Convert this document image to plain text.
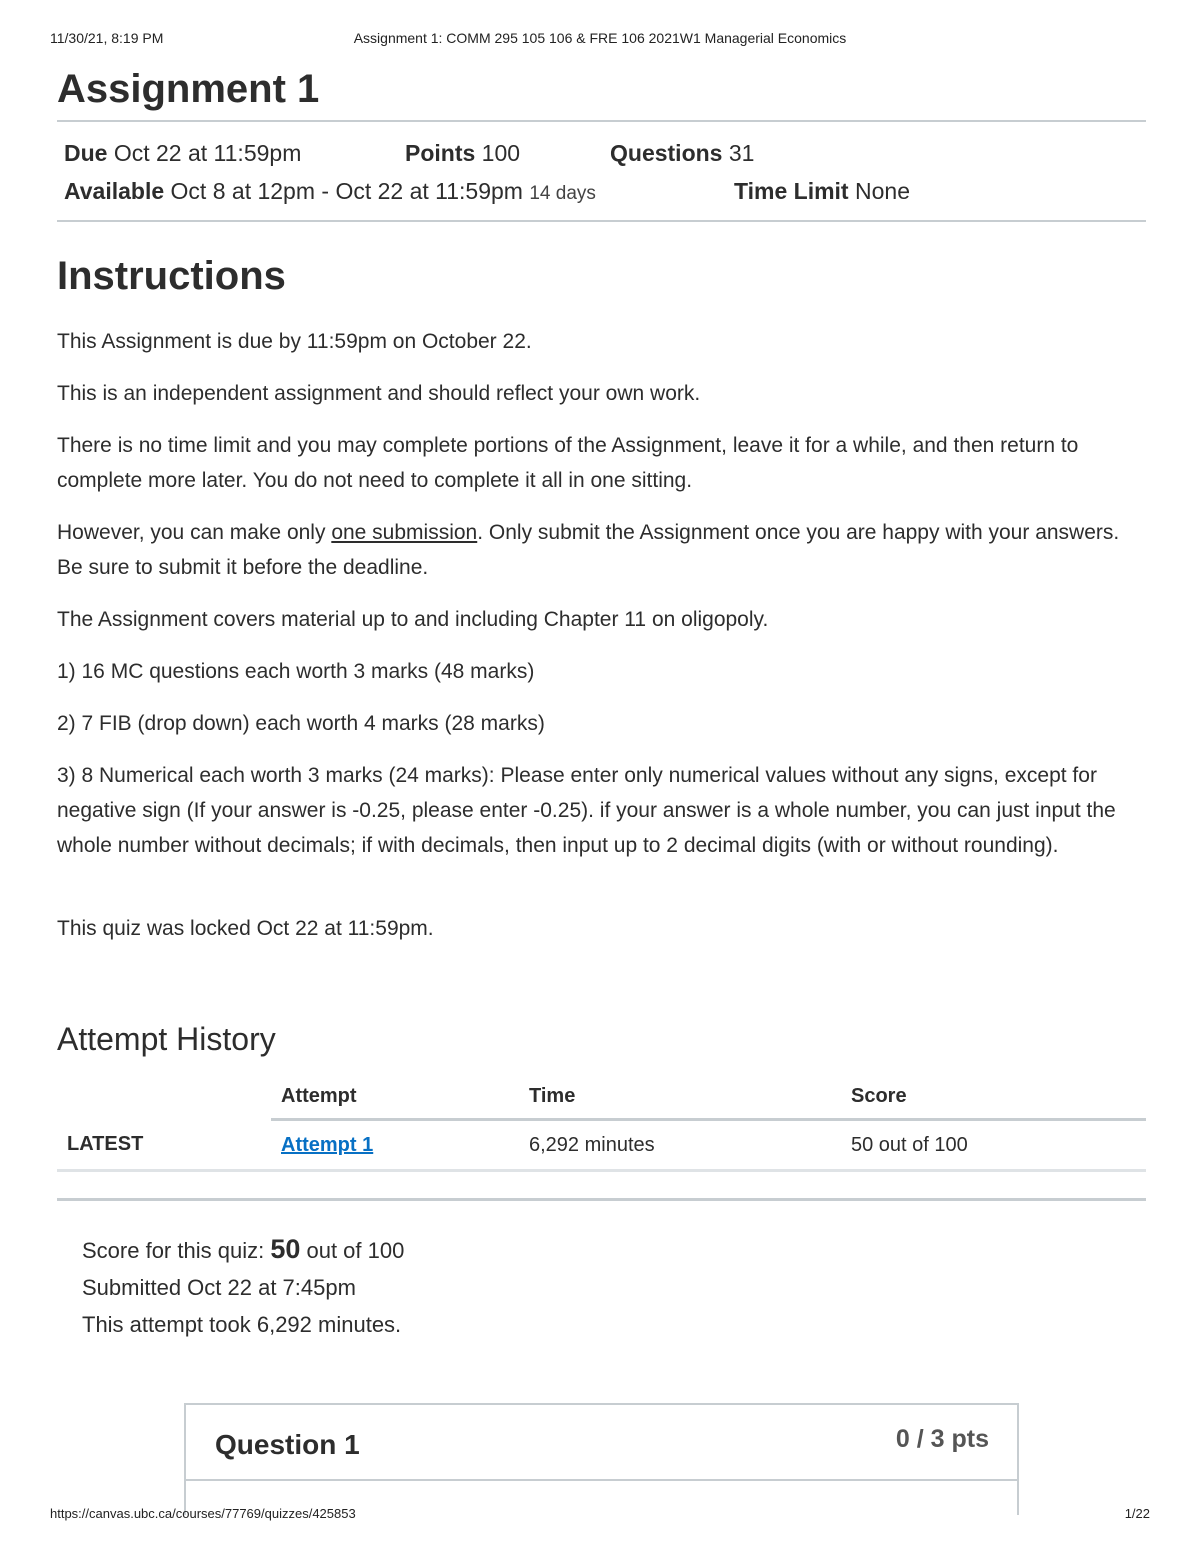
11/30/21, 8:19 PM	Assignment 1: COMM 295 105 106 & FRE 106 2021W1 Managerial Economics
Assignment 1
Due Oct 22 at 11:59pm	Points 100	Questions 31
Available Oct 8 at 12pm - Oct 22 at 11:59pm 14 days	Time Limit None
Instructions

This Assignment is due by 11:59pm on October 22.

This is an independent assignment and should reflect your own work.

There is no time limit and you may complete portions of the Assignment, leave it for a while, and then return to complete more later. You do not need to complete it all in one sitting.

However, you can make only one submission. Only submit the Assignment once you are happy with your answers. Be sure to submit it before the deadline.

The Assignment covers material up to and including Chapter 11 on oligopoly.

1) 16 MC questions each worth 3 marks (48 marks)

2) 7 FIB (drop down) each worth 4 marks (28 marks)

3) 8 Numerical each worth 3 marks (24 marks): Please enter only numerical values without any signs, except for negative sign (If your answer is -0.25, please enter -0.25). if your answer is a whole number, you can just input the whole number without decimals; if with decimals, then input up to 2 decimal digits (with or without rounding).

This quiz was locked Oct 22 at 11:59pm.
Attempt History
	Attempt	Time	Score
LATEST	Attempt 1	6,292 minutes	50 out of 100
Score for this quiz: 50 out of 100
Submitted Oct 22 at 7:45pm
This attempt took 6,292 minutes.
Question 1	0 / 3 pts
https://canvas.ubc.ca/courses/77769/quizzes/425853	1/22
